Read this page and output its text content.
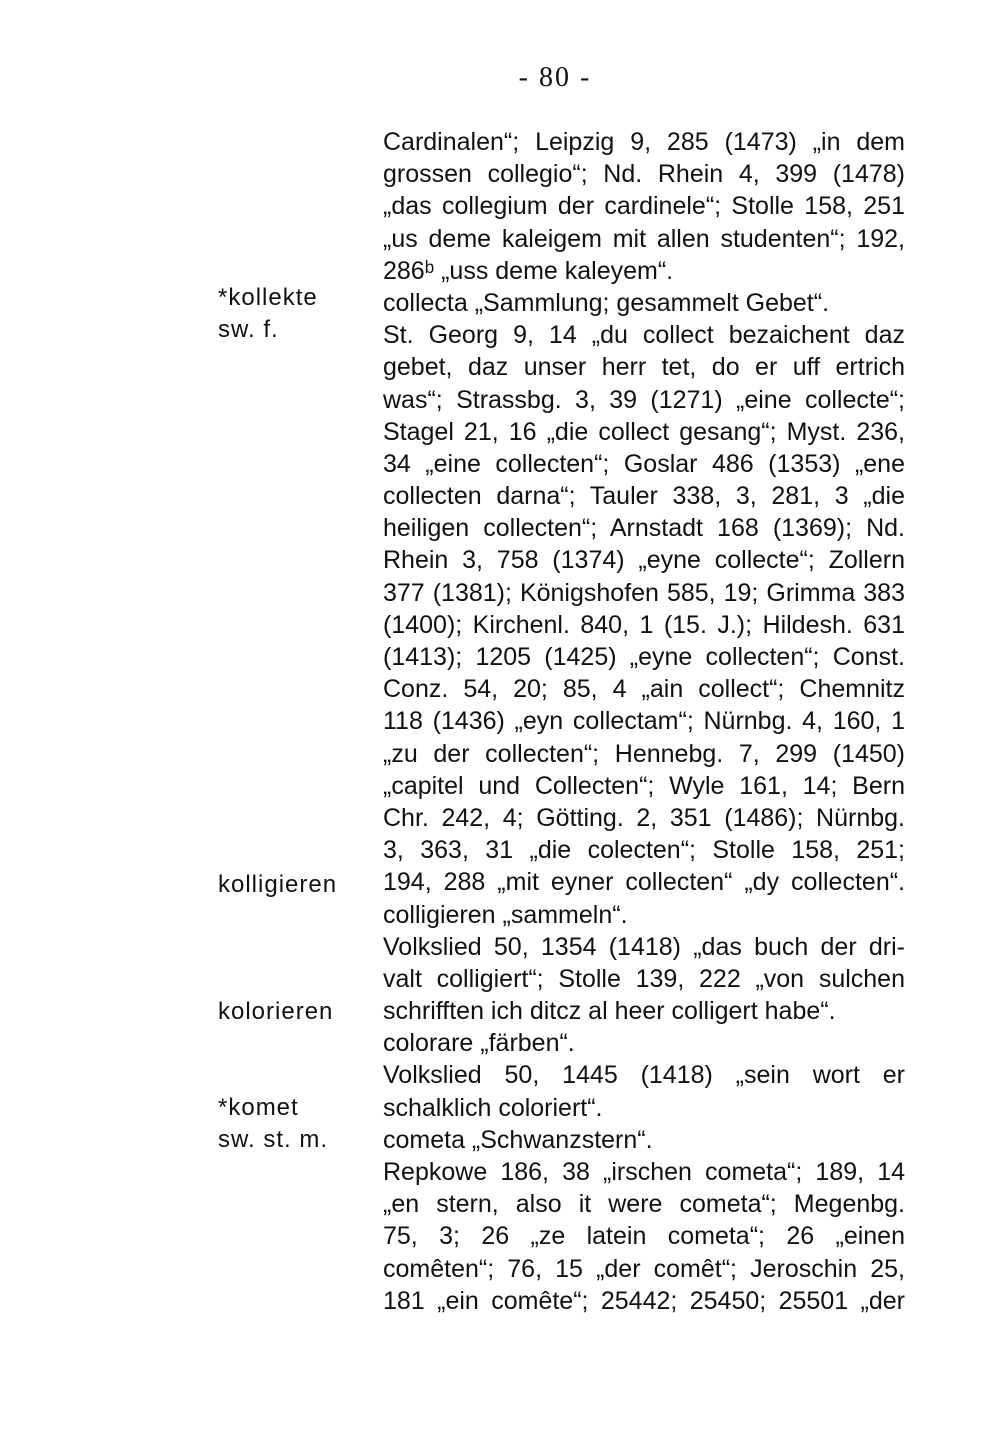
- 80 -
*kollekte
sw. f.
kolligieren
kolorieren
*komet
sw. st. m.
Cardinalen“; Leipzig 9, 285 (1473) „in dem
grossen collegio“; Nd. Rhein 4, 399 (1478)
„das collegium der cardinele“; Stolle 158, 251
„us deme kaleigem mit allen studenten“; 192,
286ᵇ „uss deme kaleyem“.
collecta „Sammlung; gesammelt Gebet“.
St. Georg 9, 14 „du collect bezaichent daz
gebet, daz unser herr tet, do er uff ertrich
was“; Strassbg. 3, 39 (1271) „eine collecte“;
Stagel 21, 16 „die collect gesang“; Myst. 236,
34 „eine collecten“; Goslar 486 (1353) „ene
collecten darna“; Tauler 338, 3, 281, 3 „die
heiligen collecten“; Arnstadt 168 (1369); Nd.
Rhein 3, 758 (1374) „eyne collecte“; Zollern
377 (1381); Königshofen 585, 19; Grimma 383
(1400); Kirchenl. 840, 1 (15. J.); Hildesh. 631
(1413); 1205 (1425) „eyne collecten“; Const.
Conz. 54, 20; 85, 4 „ain collect“; Chemnitz
118 (1436) „eyn collectam“; Nürnbg. 4, 160, 1
„zu der collecten“; Hennebg. 7, 299 (1450)
„capitel und Collecten“; Wyle 161, 14; Bern
Chr. 242, 4; Götting. 2, 351 (1486); Nürnbg.
3, 363, 31 „die colecten“; Stolle 158, 251;
194, 288 „mit eyner collecten“ „dy collecten“.
colligieren „sammeln“.
Volkslied 50, 1354 (1418) „das buch der dri-
valt colligiert“; Stolle 139, 222 „von sulchen
schrifften ich ditcz al heer colligert habe“.
colorare „färben“.
Volkslied 50, 1445 (1418) „sein wort er
schalklich coloriert“.
cometa „Schwanzstern“.
Repkowe 186, 38 „irschen cometa“; 189, 14
„en stern, also it were cometa“; Megenbg.
75, 3; 26 „ze latein cometa“; 26 „einen
comêten“; 76, 15 „der comêt“; Jeroschin 25,
181 „ein comête“; 25442; 25450; 25501 „der
